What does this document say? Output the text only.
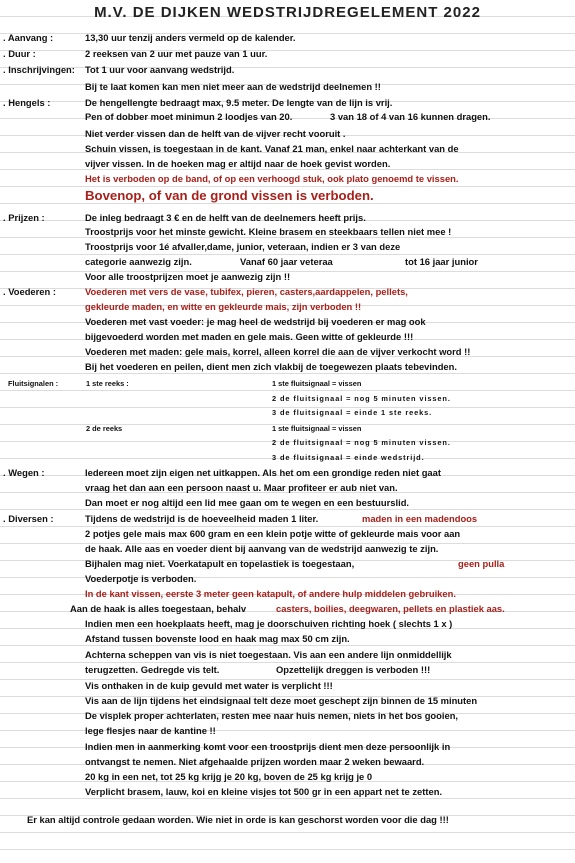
M.V. DE DIJKEN WEDSTRIJDREGELEMENT 2022
. Aanvang :	13,30 uur tenzij anders vermeld op de kalender.
. Duur :	2 reeksen van 2 uur met pauze van 1 uur.
. Inschrijvingen: Tot 1 uur voor aanvang wedstrijd.
Bij te laat komen kan men niet meer aan de wedstrijd deelnemen !!
. Hengels :	De hengellengte bedraagt max, 9.5 meter. De lengte van de lijn is vrij.
Pen of dobber moet minimun 2 loodjes van 20.	3 van 18 of 4 van 16 kunnen dragen.
Niet verder vissen dan de helft van de vijver recht vooruit .
Schuin vissen, is toegestaan in de kant. Vanaf 21 man, enkel naar achterkant van de
vijver vissen. In de hoeken mag er altijd naar de hoek gevist worden.
Het is verboden op de band, of op een verhoogd stuk, ook plato genoemd te vissen.
Bovenop, of van de grond vissen is verboden.
. Prijzen :	De inleg bedraagt 3 € en de helft van de deelnemers heeft prijs.
Troostprijs voor het minste gewicht. Kleine brasem en steekbaars tellen niet mee !
Troostprijs voor 1é afvaller,dame, junior, veteraan, indien er 3 van deze
categorie aanwezig zijn.	Vanaf 60 jaar veteraa	tot 16 jaar junior
Voor alle troostprijzen moet je aanwezig zijn !!
. Voederen :	Voederen met vers de vase, tubifex, pieren, casters,aardappelen, pellets,
gekleurde maden, en witte en gekleurde mais, zijn verboden !!
Voederen met vast voeder: je mag heel de wedstrijd bij voederen er mag ook
bijgevoederd worden met maden en gele mais. Geen witte of gekleurde !!!
Voederen met maden: gele mais, korrel, alleen korrel die aan de vijver verkocht word !!
Bij het voederen en peilen, dient men zich vlakbij de toegewezen plaats tebevinden.
Fluitsignalen :	1 ste reeks :	1 ste fluitsignaal = vissen
2 de fluitsignaal = nog 5 minuten vissen.
3 de fluitsignaal = einde 1 ste reeks.
2 de reeks	1 ste fluitsignaal = vissen
2 de fluitsignaal = nog 5 minuten vissen.
3 de fluitsignaal = einde wedstrijd.
. Wegen :	Iedereen moet zijn eigen net uitkappen. Als het om een grondige reden niet gaat
vraag het dan aan een persoon naast u. Maar profiteer er aub niet van.
Dan moet er nog altijd een lid mee gaan om te wegen en een bestuurslid.
. Diversen :	Tijdens de wedstrijd is de hoeveelheid maden 1 liter.	maden in een madendoos
2 potjes gele mais max 600 gram en een klein potje witte of gekleurde mais voor aan
de haak. Alle aas en voeder dient bij aanvang van de wedstrijd aanwezig te zijn.
Bijhalen mag niet. Voerkatapult en topelastiek is toegestaan,	geen pulla
Voederpotje is verboden.
In de kant vissen, eerste 3 meter geen katapult, of andere hulp middelen gebruiken.
Aan de haak is alles toegestaan, behalv	casters, boilies, deegwaren, pellets en plastiek aas.
Indien men een hoekplaats heeft, mag je doorschuiven richting hoek ( slechts 1 x )
Afstand tussen bovenste lood en haak mag max 50 cm zijn.
Achterna scheppen van vis is niet toegestaan. Vis aan een andere lijn onmiddellijk
terugzetten. Gedregde vis telt.	Opzettelijk dreggen is verboden !!!
Vis onthaken in de kuip gevuld met water is verplicht !!!
Vis aan de lijn tijdens het eindsignaal telt deze moet geschept zijn binnen de 15 minuten
De visplek proper achterlaten, resten mee naar huis nemen, niets in het bos gooien,
lege flesjes naar de kantine !!
Indien men in aanmerking komt voor een troostprijs dient men deze persoonlijk in
ontvangst te nemen. Niet afgehaalde prijzen worden maar 2 weken bewaard.
20 kg in een net, tot 25 kg krijg je 20 kg, boven de 25 kg krijg je 0
Verplicht brasem, lauw, koi en kleine visjes tot 500 gr in een appart net te zetten.
Er kan altijd controle gedaan worden. Wie niet in orde is kan geschorst worden voor die dag !!!
